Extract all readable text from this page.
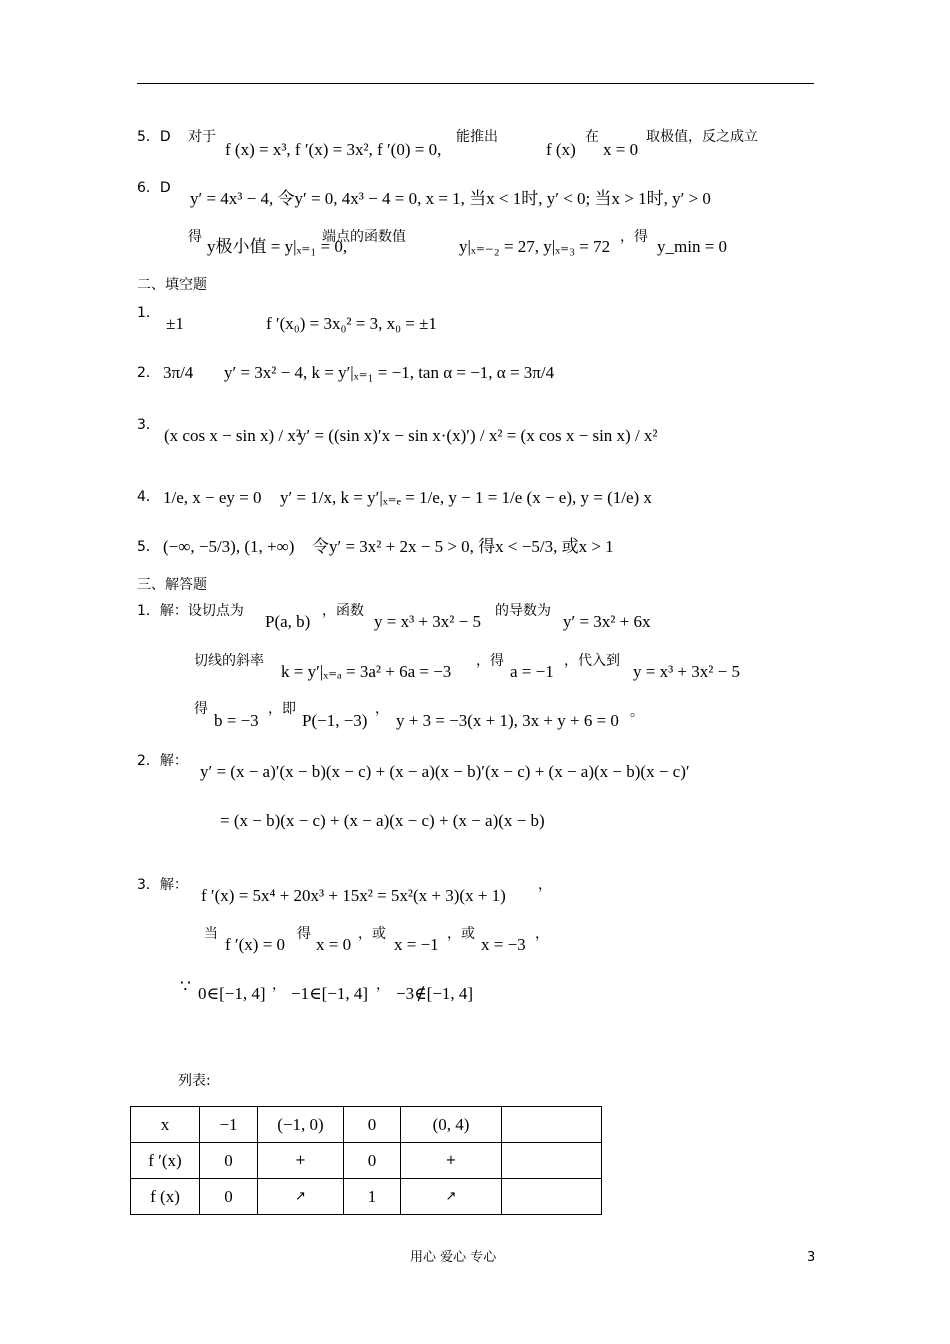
5．D 对于
f (x) = x³, f ′(x) = 3x², f ′(0) = 0,
能推出
f (x)
在
x = 0
取极值，反之成立
6．D
y′ = 4x³ − 4, 令y′ = 0, 4x³ − 4 = 0, x = 1, 当x < 1时, y′ < 0; 当x > 1时, y′ > 0
得 y极小值 = y|ₓ₌₁ = 0,
端点的函数值	y|ₓ₌₋₂ = 27, y|ₓ₌₃ = 72 ，得 y_min = 0
二、填空题
1．
±1	f ′(x₀) = 3x₀² = 3, x₀ = ±1
2． 3π/4 y′ = 3x² − 4, k = y′|ₓ₌₁ = −1, tan α = −1, α = 3π/4
3．
(x cos x − sin x) / x²
y′ = ((sin x)′x − sin x·(x)′) / x² = (x cos x − sin x) / x²
4． 1/e, x − ey = 0 y′ = 1/x, k = y′|ₓ₌ₑ = 1/e, y − 1 = 1/e (x − e), y = (1/e) x
5． (−∞, −5/3), (1, +∞) 令y′ = 3x² + 2x − 5 > 0, 得x < −5/3, 或x > 1
三、解答题
1．解：设切点为
P(a, b)
，函数
y = x³ + 3x² − 5
的导数为
y′ = 3x² + 6x
切线的斜率
k = y′|ₓ₌ₐ = 3a² + 6a = −3
，得
a = −1
，代入到
y = x³ + 3x² − 5
得
b = −3
，即
P(−1, −3)
，
y + 3 = −3(x + 1), 3x + y + 6 = 0 。
2．解：
y′ = (x − a)′(x − b)(x − c) + (x − a)(x − b)′(x − c) + (x − a)(x − b)(x − c)′
= (x − b)(x − c) + (x − a)(x − c) + (x − a)(x − b)
3．解：
f ′(x) = 5x⁴ + 20x³ + 15x² = 5x²(x + 3)(x + 1)
，
当
f ′(x) = 0
得
x = 0
，或
x = −1
，或
x = −3
，
∵ 0∈[−1, 4] ， −1∈[−1, 4] ， −3∉[−1, 4]
列表:
x	−1	(−1, 0)	0	(0, 4)	
f ′(x)	0	+	0	+	
f (x)	0	↗	1	↗	
用心 爱心 专心	3
